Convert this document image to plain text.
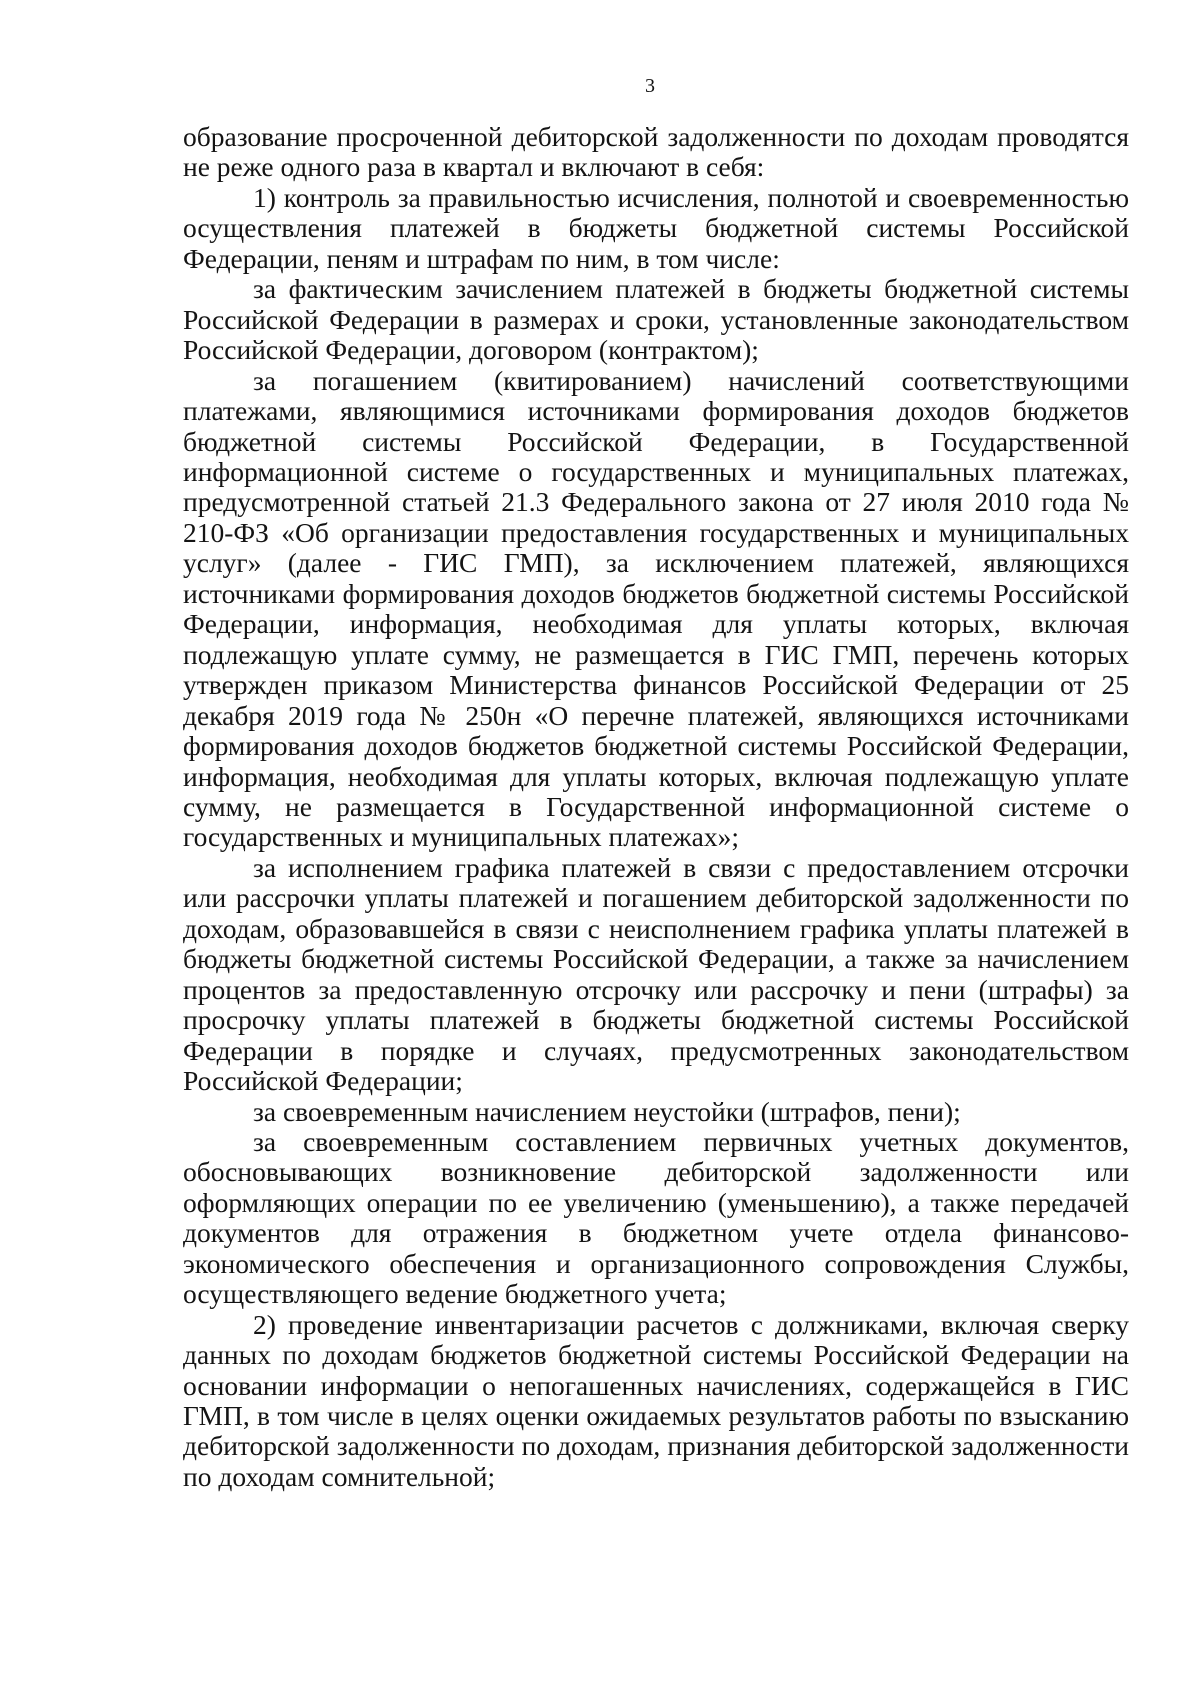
3

образование просроченной дебиторской задолженности по доходам проводятся не реже одного раза в квартал и включают в себя:

1) контроль за правильностью исчисления, полнотой и своевременностью осуществления платежей в бюджеты бюджетной системы Российской Федерации, пеням и штрафам по ним, в том числе:

за фактическим зачислением платежей в бюджеты бюджетной системы Российской Федерации в размерах и сроки, установленные законодательством Российской Федерации, договором (контрактом);

за погашением (квитированием) начислений соответствующими платежами, являющимися источниками формирования доходов бюджетов бюджетной системы Российской Федерации, в Государственной информационной системе о государственных и муниципальных платежах, предусмотренной статьей 21.3 Федерального закона от 27 июля 2010 года № 210-ФЗ «Об организации предоставления государственных и муниципальных услуг» (далее - ГИС ГМП), за исключением платежей, являющихся источниками формирования доходов бюджетов бюджетной системы Российской Федерации, информация, необходимая для уплаты которых, включая подлежащую уплате сумму, не размещается в ГИС ГМП, перечень которых утвержден приказом Министерства финансов Российской Федерации от 25 декабря 2019 года № 250н «О перечне платежей, являющихся источниками формирования доходов бюджетов бюджетной системы Российской Федерации, информация, необходимая для уплаты которых, включая подлежащую уплате сумму, не размещается в Государственной информационной системе о государственных и муниципальных платежах»;

за исполнением графика платежей в связи с предоставлением отсрочки или рассрочки уплаты платежей и погашением дебиторской задолженности по доходам, образовавшейся в связи с неисполнением графика уплаты платежей в бюджеты бюджетной системы Российской Федерации, а также за начислением процентов за предоставленную отсрочку или рассрочку и пени (штрафы) за просрочку уплаты платежей в бюджеты бюджетной системы Российской Федерации в порядке и случаях, предусмотренных законодательством Российской Федерации;

за своевременным начислением неустойки (штрафов, пени);

за своевременным составлением первичных учетных документов, обосновывающих возникновение дебиторской задолженности или оформляющих операции по ее увеличению (уменьшению), а также передачей документов для отражения в бюджетном учете отдела финансово-экономического обеспечения и организационного сопровождения Службы, осуществляющего ведение бюджетного учета;

2) проведение инвентаризации расчетов с должниками, включая сверку данных по доходам бюджетов бюджетной системы Российской Федерации на основании информации о непогашенных начислениях, содержащейся в ГИС ГМП, в том числе в целях оценки ожидаемых результатов работы по взысканию дебиторской задолженности по доходам, признания дебиторской задолженности по доходам сомнительной;
